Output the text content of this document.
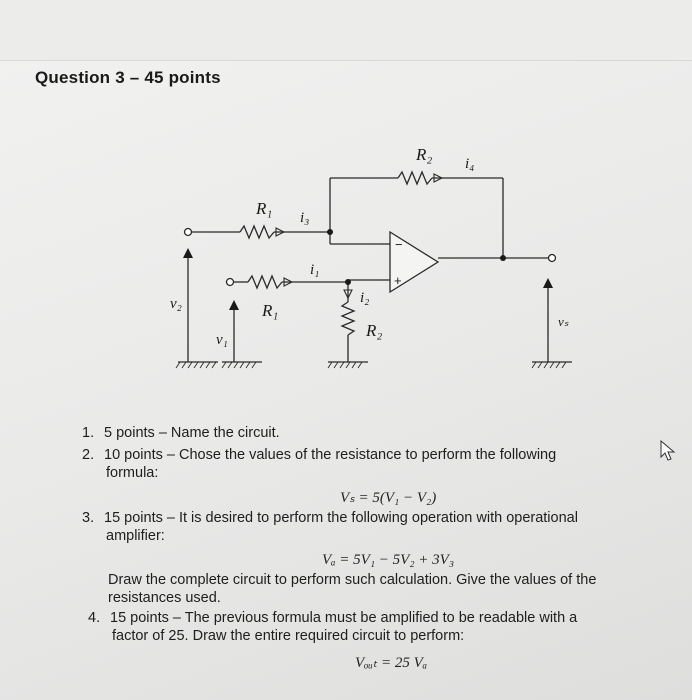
Question 3 – 45 points
R₁ i₃
R₂ i₄
i₁
i₂
R₁
R₂
v₂
v₁
vₛ
−
+
1. 5 points – Name the circuit.
2. 10 points – Chose the values of the resistance to perform the following
formula:
Vₛ = 5(V₁ − V₂)
3. 15 points – It is desired to perform the following operation with operational
amplifier:
Vₐ = 5V₁ − 5V₂ + 3V₃
Draw the complete circuit to perform such calculation. Give the values of the
resistances used.
4. 15 points – The previous formula must be amplified to be readable with a
factor of 25. Draw the entire required circuit to perform:
Vₒᵤₜ = 25 Vₐ
